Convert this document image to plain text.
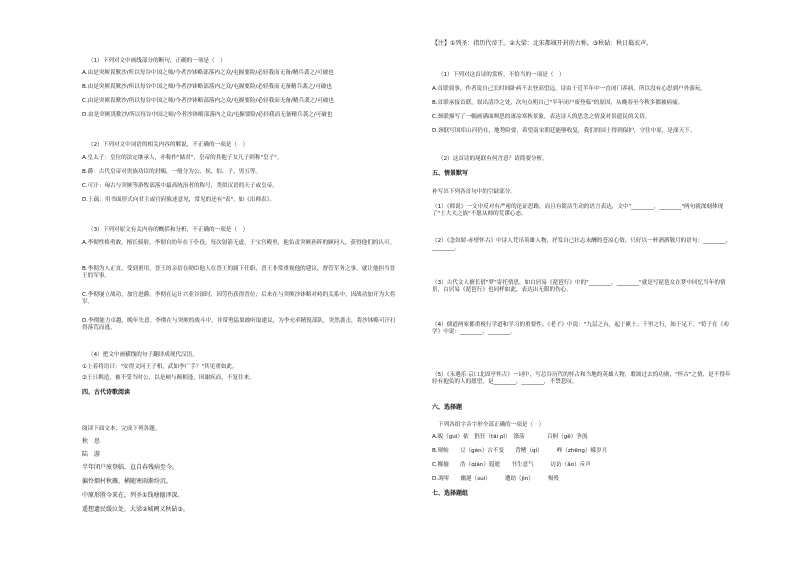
（1）下列对文中画线部分的断句，正确的一项是（　）
A.由是突厥畏歎沙/所以每谷中国之师/今者沙钵略部落内之众/屯握要险/必轻我而无备/精兵袭之/可破也
B.由是突厥畏歎沙/所以每谷中国之师/今者沙钵略部落内之众/屯握要险/必轻我而无备精兵袭之/可破也
C.由是突厥畏歎沙/所以每谷中国之师/今者沙钵略部落内之众/屯握要险/必轻我而无备/精兵袭之/可破也
D.由是突厥畏歎沙/所以每谷中国之师/今者沙钵略部落内之众/屯握要险/必轻我而无备精兵袭之/可破也
（2）下列对文中词语的相关内容的解说，不正确的一项是（　）
A.皇太子：皇位的法定继承人，亦称作"储君"，皇帝的其他子女儿子则称"皇子"。
B.爵：古代皇帝对贵族功臣的封赐，一般分为公、侯、伯、子、男五等。
C.可汗：匈古与突厥等游牧部落中最高统治者的称号，类似汉语的天子或皇帝。
D.上疏：用书面形式向君主或官府陈述意见，常见的还有"表"，如《出师表》。
（3）下列对原文有关内容的概括和分析，不正确的一项是（　）
A.李彻性格勇敢，擅长骑射。李彻自幼年在于仆役，每次射箭无虚，于宝宫殿里，他负责突厥孙阵的顾问人，获得他们的认可。
B.李彻为人正直，受到重用。晋王的亲信在勋臣他人在晋王的属下任职，晋王非常重视他的建议，督管军务之事，就让他担当晋王的军事。
C.李彻屡立战功，加官进爵。李彻在运计兴业谷深时，因劳伤获得晋位；后来在与突厥沙钵略对峙的关系中，因战功加开为大将军。
D.李彻能力卓越，晚年失意。李彻在与突厥的战斗中，非常勇猛果敢听取建议，为李充率精锐部队，突然袭击，将沙钵略可汗打得落荒而逃。
（4）把文中画横线的句子翻译成现代汉语。
①上着将语曰："安得文同王子相，武如李广手？"其见重如此。
②王日羁造，被不受当时公，以是厕与颠相逢，因谢疾而，不复往来。
四、古代诗歌阅读
阅读下面文本，完成下列各题。
秋　思
陆　游
半年闭户废登临，直自春残病至今。
偏怜烟村秋雁，横随寒雨渐纷沉。
中原形胜今来在，列圣①钱塘德泽深。
遥想遗民缓泣处，大梁②城阙又秋砧③。
【注】①列圣：指历代帝王。②大梁：北宋都城开封的古称。③秋砧：秋日捣衣声。
（1）下列对这首诗的赏析，不恰当的一项是（　）
A.首联叙事，作者说自己长时间卧病不去登高望远，诗由于近半年中一直闭门养病，所以没有心思到户外游玩。
B.首联承接首联，叙出清冷之处，次句点明自己"半年闭户废登临"的原因，从晚春至今秋多都被病痛。
C.颈联描写了一幅画满面颊思的凄凉寒秋景象，表达诗人的思念之情及对景遗民的关切。
D.颈联写国库山河仍在，地势险要，希望南宋朝廷能够收复，我们的国土得到保护，守住中原，是深天下。
（2）这首诗的尾联有何含意？请简要分析。
五、情景默写
补写出下列各首句中的空缺部分。
（1）《师说》一文中反对有严密的论证思路，而且有简洁生动的语言表达，文中"________，________"两句就深刻体现了"士大夫之族"不愿从师的荒谬心态。
（2）《念奴娇·赤壁怀古》中诗人凭吊英雄人物，抒发自己壮志未酬的苍凉心情，只好以一杯酒洒敬月的语句：________，________。
（3）古代文人擅长借"梦"寄托情思，如白居易《琵琶行》中的"________，________"就是写琵琶女在梦中回忆当年的情景，白居易《琵琶行》也同样如此，表达出无限的伤心。
（4）儒道两家都重视行学道和学习的重要性。《老子》中说："九层之台，起于累土；千里之行，始于足下。"荀子在《劝学》中说：________，________。
（5）《永遇乐·京口北固亭怀古》一词中，写总谷历代的怀古和当地的英雄人物，歌颂过去的功勋，"怀古"之情，是不得年轻有抱负的人的愿望，是________，________，不禁悲叹。
六、选择题
下列各组字音字形全部正确的一项是（　）
A.皈（guī）依　猖狂（tāi pī）　涤荡　　　　百舸（gě）争流
B.熨帖　　豆（gèn）古不变　　背鳍（qí）　　　峥（zhēng）嵘岁月
C.揶揄　　浩（qián）遐逝　　书生意气　　　访访（ǎo）斥声
D.凋零　　幽邃（suì）　　　遭劫（jìn）　　　殒殁
七、选择题组
